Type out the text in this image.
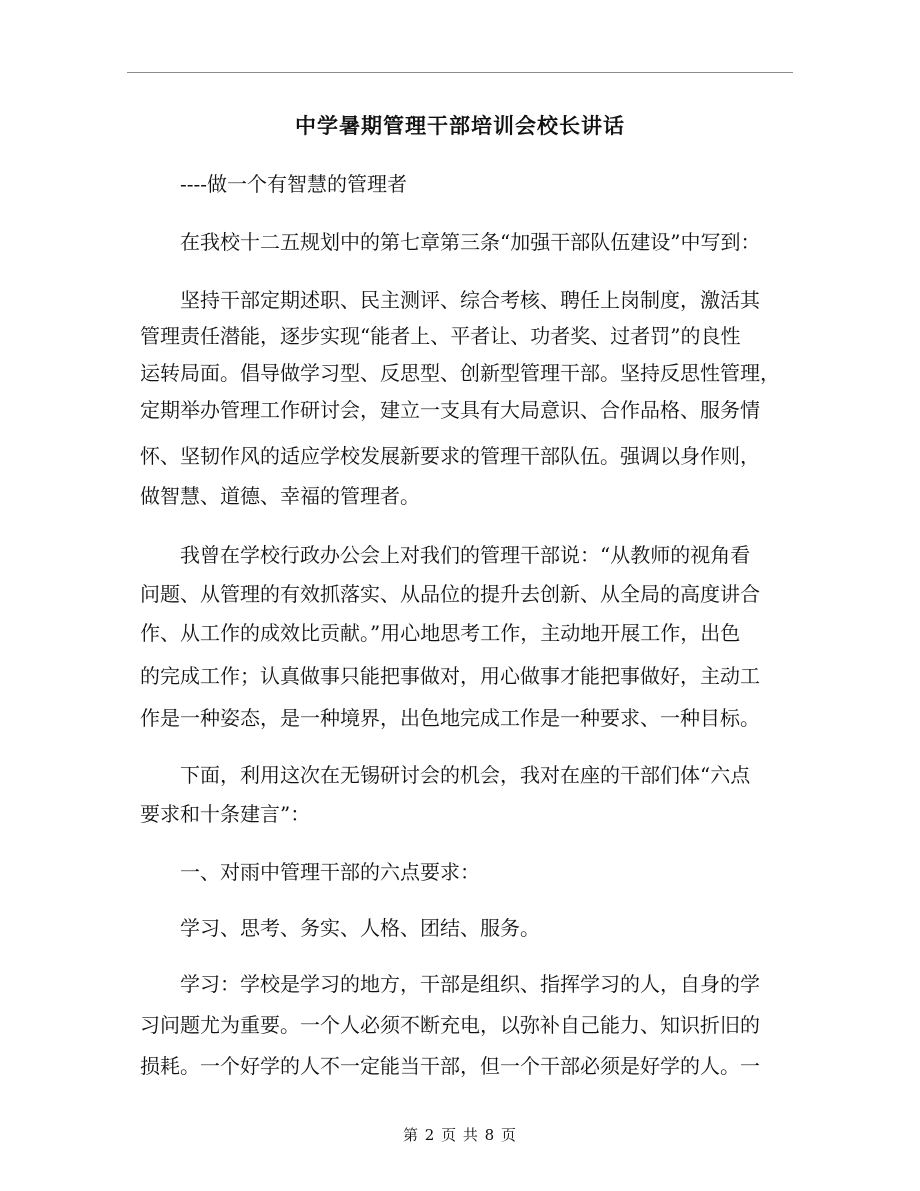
中学暑期管理干部培训会校长讲话
----做一个有智慧的管理者
在我校十二五规划中的第七章第三条“加强干部队伍建设”中写到：
坚持干部定期述职、民主测评、综合考核、聘任上岗制度，激活其
管理责任潜能，逐步实现“能者上、平者让、功者奖、过者罚”的良性
运转局面。倡导做学习型、反思型、创新型管理干部。坚持反思性管理，
定期举办管理工作研讨会，建立一支具有大局意识、合作品格、服务情
怀、坚韧作风的适应学校发展新要求的管理干部队伍。强调以身作则，
做智慧、道德、幸福的管理者。
我曾在学校行政办公会上对我们的管理干部说：“从教师的视角看
问题、从管理的有效抓落实、从品位的提升去创新、从全局的高度讲合
作、从工作的成效比贡献。”用心地思考工作，主动地开展工作，出色
的完成工作；认真做事只能把事做对，用心做事才能把事做好，主动工
作是一种姿态，是一种境界，出色地完成工作是一种要求、一种目标。
下面，利用这次在无锡研讨会的机会，我对在座的干部们体“六点
要求和十条建言”：
一、对雨中管理干部的六点要求：
学习、思考、务实、人格、团结、服务。
学习：学校是学习的地方，干部是组织、指挥学习的人，自身的学
习问题尤为重要。一个人必须不断充电，以弥补自己能力、知识折旧的
损耗。一个好学的人不一定能当干部，但一个干部必须是好学的人。一
第 2 页 共 8 页
